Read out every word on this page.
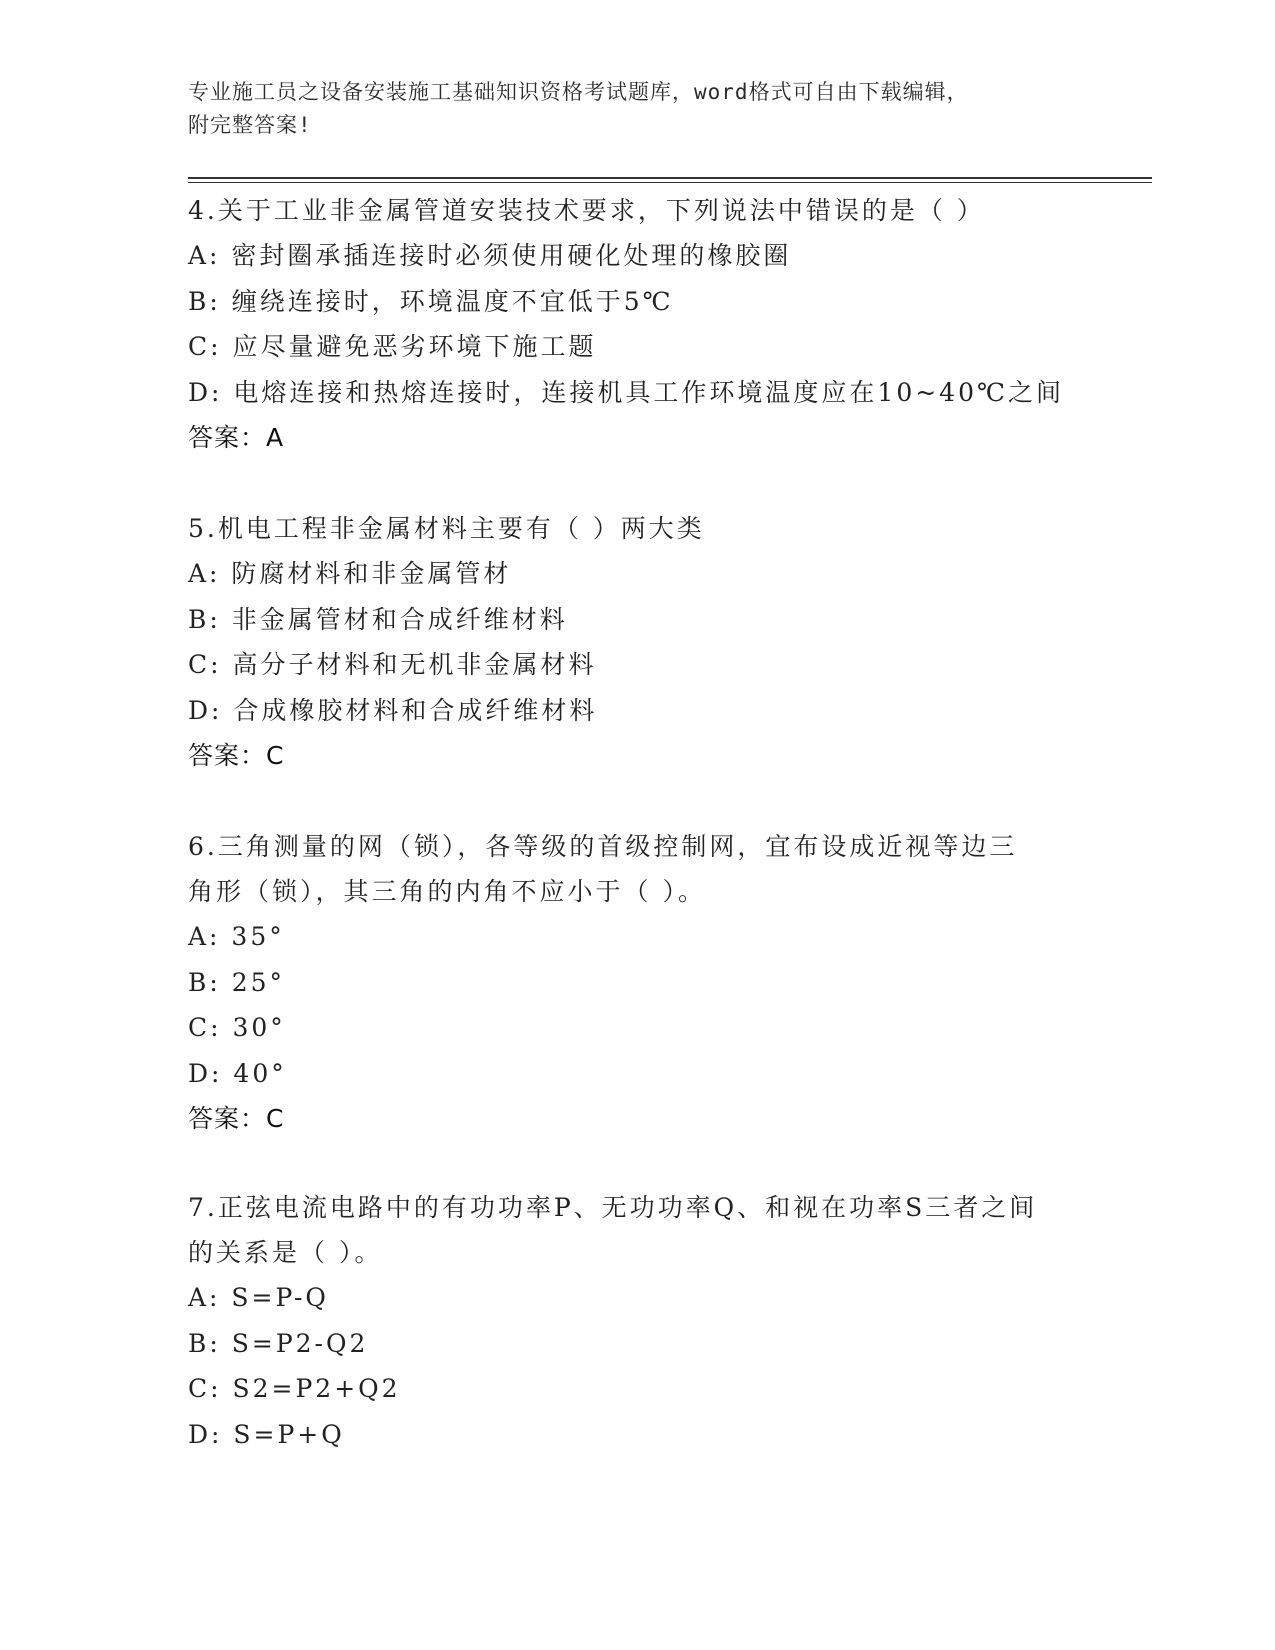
专业施工员之设备安装施工基础知识资格考试题库，word格式可自由下载编辑，
附完整答案!

4.关于工业非金属管道安装技术要求，下列说法中错误的是（ ）

A: 密封圈承插连接时必须使用硬化处理的橡胶圈

B: 缠绕连接时，环境温度不宜低于5℃

C: 应尽量避免恶劣环境下施工题

D: 电熔连接和热熔连接时，连接机具工作环境温度应在10~40℃之间

答案：A

5.机电工程非金属材料主要有（ ）两大类

A: 防腐材料和非金属管材

B: 非金属管材和合成纤维材料

C: 高分子材料和无机非金属材料

D: 合成橡胶材料和合成纤维材料

答案：C

6.三角测量的网（锁），各等级的首级控制网，宜布设成近视等边三

角形（锁），其三角的内角不应小于（ ）。

A: 35°

B: 25°

C: 30°

D: 40°

答案：C

7.正弦电流电路中的有功功率P、无功功率Q、和视在功率S三者之间

的关系是（ ）。

A: S=P-Q

B: S=P2-Q2

C: S2=P2+Q2

D: S=P+Q
